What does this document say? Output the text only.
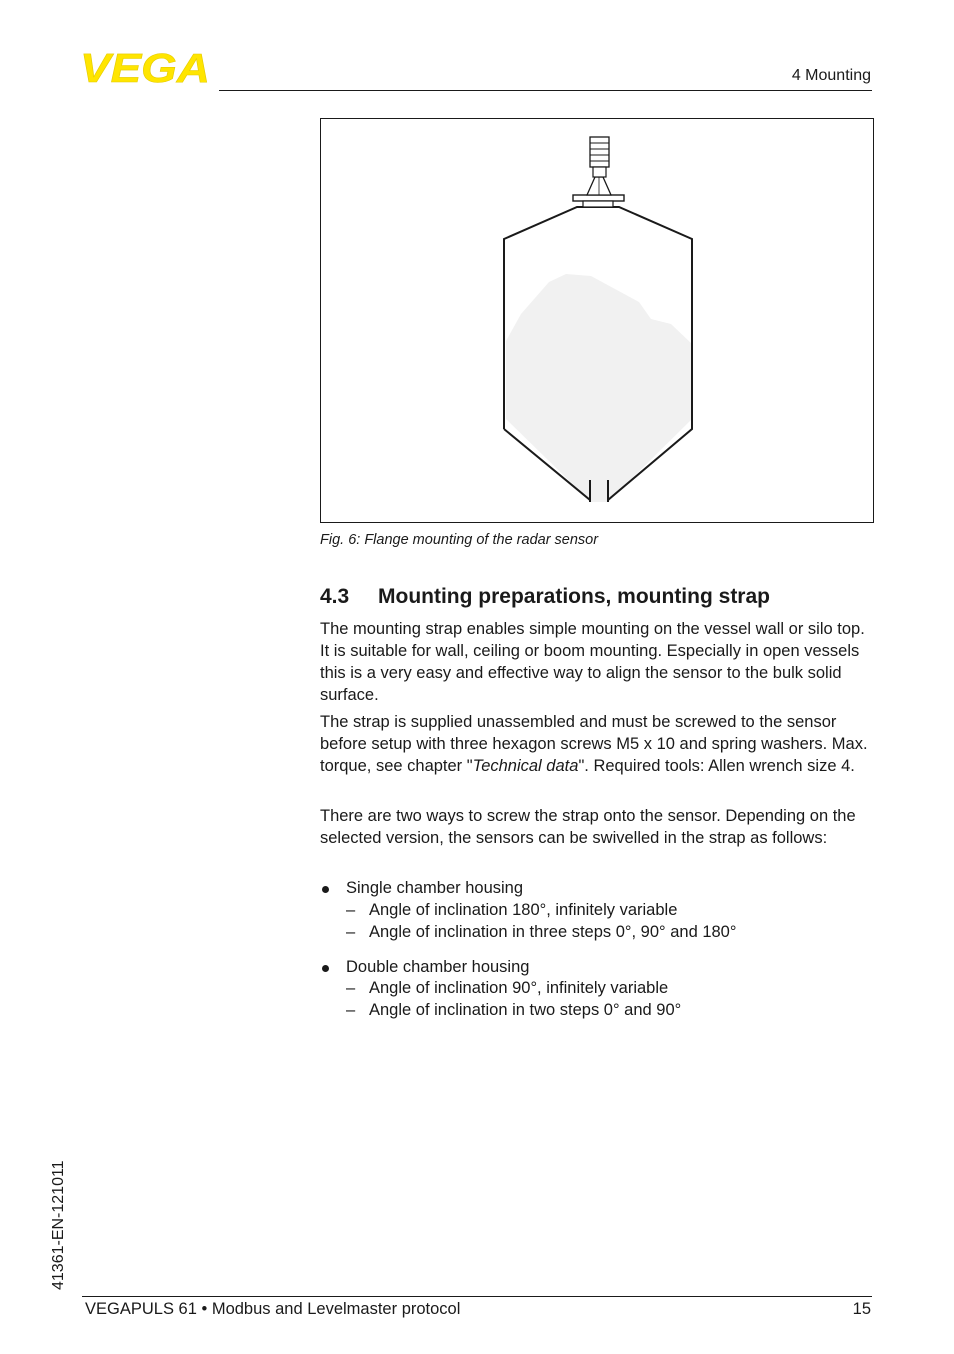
VEGA	4 Mounting
Fig. 6: Flange mounting of the radar sensor
4.3 Mounting preparations, mounting strap

The mounting strap enables simple mounting on the vessel wall or silo top. It is suitable for wall, ceiling or boom mounting. Especially in open vessels this is a very easy and effective way to align the sensor to the bulk solid surface.

The strap is supplied unassembled and must be screwed to the sensor before setup with three hexagon screws M5 x 10 and spring washers. Max. torque, see chapter "Technical data". Required tools: Allen wrench size 4.

There are two ways to screw the strap onto the sensor. Depending on the selected version, the sensors can be swivelled in the strap as follows:

Single chamber housing
– Angle of inclination 180°, infinitely variable
– Angle of inclination in three steps 0°, 90° and 180°
Double chamber housing
– Angle of inclination 90°, infinitely variable
– Angle of inclination in two steps 0° and 90°
41361-EN-121011
VEGAPULS 61 • Modbus and Levelmaster protocol	15
